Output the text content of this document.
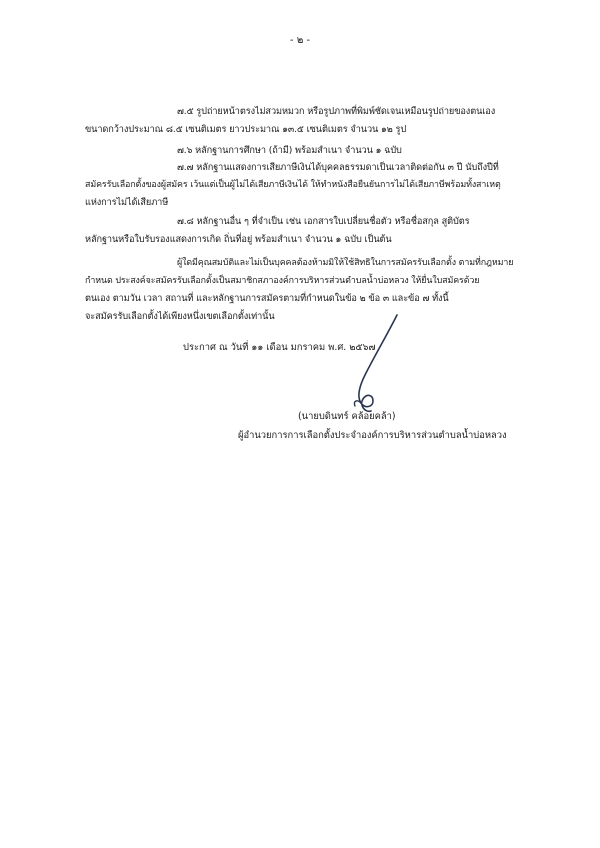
- ๒ -
๗.๕ รูปถ่ายหน้าตรงไม่สวมหมวก หรือรูปภาพที่พิมพ์ชัดเจนเหมือนรูปถ่ายของตนเอง
ขนาดกว้างประมาณ ๘.๕ เซนติเมตร ยาวประมาณ ๑๓.๕ เซนติเมตร จำนวน ๑๒ รูป
๗.๖ หลักฐานการศึกษา (ถ้ามี) พร้อมสำเนา จำนวน ๑ ฉบับ
๗.๗ หลักฐานแสดงการเสียภาษีเงินได้บุคคลธรรมดาเป็นเวลาติดต่อกัน ๓ ปี นับถึงปีที่
สมัครรับเลือกตั้งของผู้สมัคร เว้นแต่เป็นผู้ไม่ได้เสียภาษีเงินได้ ให้ทำหนังสือยืนยันการไม่ได้เสียภาษีพร้อมทั้งสาเหตุ
แห่งการไม่ได้เสียภาษี
๗.๘ หลักฐานอื่น ๆ ที่จำเป็น เช่น เอกสารใบเปลี่ยนชื่อตัว หรือชื่อสกุล สูติบัตร
หลักฐานหรือใบรับรองแสดงการเกิด ถิ่นที่อยู่ พร้อมสำเนา จำนวน ๑ ฉบับ เป็นต้น
ผู้ใดมีคุณสมบัติและไม่เป็นบุคคลต้องห้ามมิให้ใช้สิทธิในการสมัครรับเลือกตั้ง ตามที่กฎหมาย
กำหนด ประสงค์จะสมัครรับเลือกตั้งเป็นสมาชิกสภาองค์การบริหารส่วนตำบลน้ำบ่อหลวง ให้ยื่นใบสมัครด้วย
ตนเอง ตามวัน เวลา สถานที่ และหลักฐานการสมัครตามที่กำหนดในข้อ ๒ ข้อ ๓ และข้อ ๗ ทั้งนี้
จะสมัครรับเลือกตั้งได้เพียงหนึ่งเขตเลือกตั้งเท่านั้น
ประกาศ ณ วันที่ ๑๑ เดือน มกราคม พ.ศ. ๒๕๖๗
(นายบดินทร์ คล้อยคล้า)
ผู้อำนวยการการเลือกตั้งประจำองค์การบริหารส่วนตำบลน้ำบ่อหลวง
